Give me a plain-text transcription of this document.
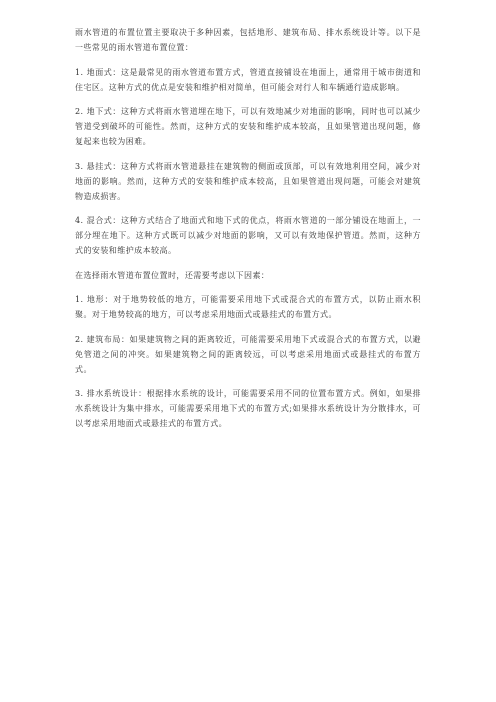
雨水管道的布置位置主要取决于多种因素，包括地形、建筑布局、排水系统设计等。以下是一些常见的雨水管道布置位置：

1. 地面式：这是最常见的雨水管道布置方式，管道直接铺设在地面上，通常用于城市街道和住宅区。这种方式的优点是安装和维护相对简单，但可能会对行人和车辆通行造成影响。

2. 地下式：这种方式将雨水管道埋在地下，可以有效地减少对地面的影响，同时也可以减少管道受到破坏的可能性。然而，这种方式的安装和维护成本较高，且如果管道出现问题，修复起来也较为困难。

3. 悬挂式：这种方式将雨水管道悬挂在建筑物的侧面或顶部，可以有效地利用空间，减少对地面的影响。然而，这种方式的安装和维护成本较高，且如果管道出现问题，可能会对建筑物造成损害。

4. 混合式：这种方式结合了地面式和地下式的优点，将雨水管道的一部分铺设在地面上，一部分埋在地下。这种方式既可以减少对地面的影响，又可以有效地保护管道。然而，这种方式的安装和维护成本较高。

在选择雨水管道布置位置时，还需要考虑以下因素：

1. 地形：对于地势较低的地方，可能需要采用地下式或混合式的布置方式，以防止雨水积聚。对于地势较高的地方，可以考虑采用地面式或悬挂式的布置方式。

2. 建筑布局：如果建筑物之间的距离较近，可能需要采用地下式或混合式的布置方式，以避免管道之间的冲突。如果建筑物之间的距离较远，可以考虑采用地面式或悬挂式的布置方式。

3. 排水系统设计：根据排水系统的设计，可能需要采用不同的位置布置方式。例如，如果排水系统设计为集中排水，可能需要采用地下式的布置方式;如果排水系统设计为分散排水，可以考虑采用地面式或悬挂式的布置方式。
